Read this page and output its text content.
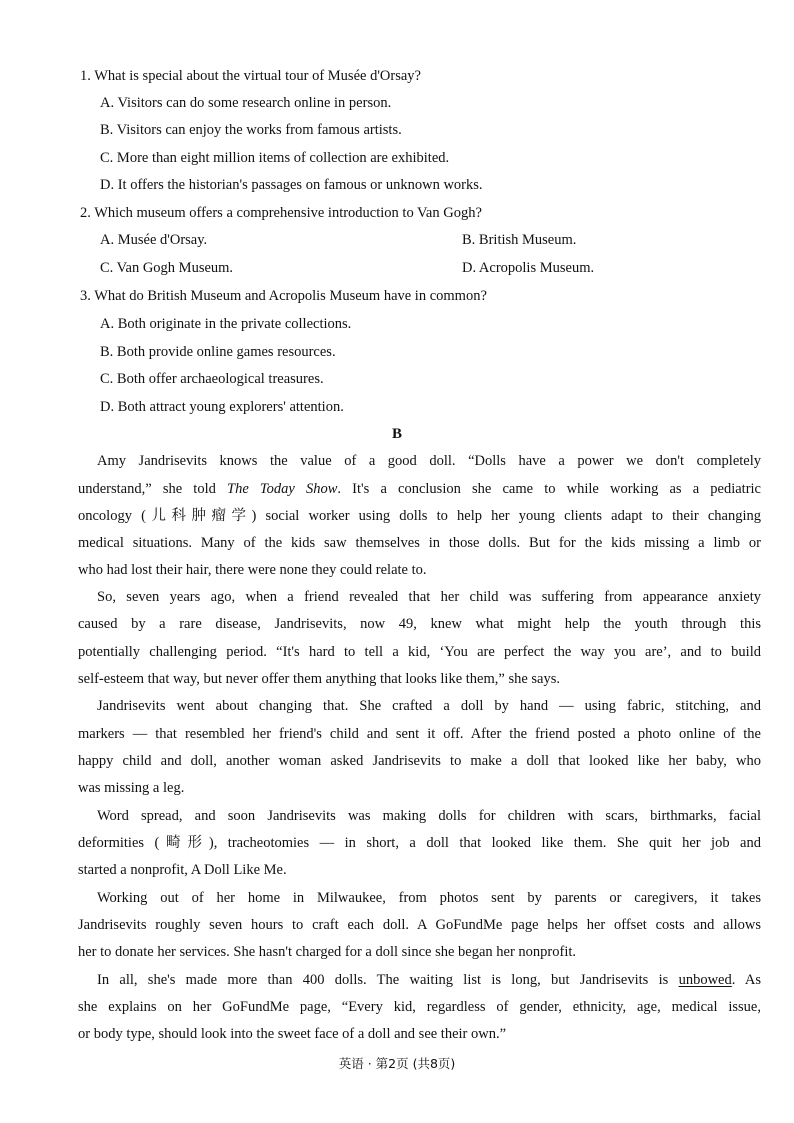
1. What is special about the virtual tour of Musée d'Orsay?
A. Visitors can do some research online in person.
B. Visitors can enjoy the works from famous artists.
C. More than eight million items of collection are exhibited.
D. It offers the historian's passages on famous or unknown works.
2. Which museum offers a comprehensive introduction to Van Gogh?
A. Musée d'Orsay.	B. British Museum.
C. Van Gogh Museum.	D. Acropolis Museum.
3. What do British Museum and Acropolis Museum have in common?
A. Both originate in the private collections.
B. Both provide online games resources.
C. Both offer archaeological treasures.
D. Both attract young explorers' attention.
B
Amy Jandrisevits knows the value of a good doll. “Dolls have a power we don't completely
understand,” she told The Today Show. It's a conclusion she came to while working as a pediatric
oncology (儿科肿瘤学) social worker using dolls to help her young clients adapt to their changing
medical situations. Many of the kids saw themselves in those dolls. But for the kids missing a limb or
who had lost their hair, there were none they could relate to.
So, seven years ago, when a friend revealed that her child was suffering from appearance anxiety
caused by a rare disease, Jandrisevits, now 49, knew what might help the youth through this
potentially challenging period. “It's hard to tell a kid, ‘You are perfect the way you are’, and to build
self-esteem that way, but never offer them anything that looks like them,” she says.
Jandrisevits went about changing that. She crafted a doll by hand — using fabric, stitching, and
markers — that resembled her friend's child and sent it off. After the friend posted a photo online of the
happy child and doll, another woman asked Jandrisevits to make a doll that looked like her baby, who
was missing a leg.
Word spread, and soon Jandrisevits was making dolls for children with scars, birthmarks, facial
deformities (畸形), tracheotomies — in short, a doll that looked like them. She quit her job and
started a nonprofit, A Doll Like Me.
Working out of her home in Milwaukee, from photos sent by parents or caregivers, it takes
Jandrisevits roughly seven hours to craft each doll. A GoFundMe page helps her offset costs and allows
her to donate her services. She hasn't charged for a doll since she began her nonprofit.
In all, she's made more than 400 dolls. The waiting list is long, but Jandrisevits is unbowed. As
she explains on her GoFundMe page, “Every kid, regardless of gender, ethnicity, age, medical issue,
or body type, should look into the sweet face of a doll and see their own.”
英语 · 第2页 (共8页)
